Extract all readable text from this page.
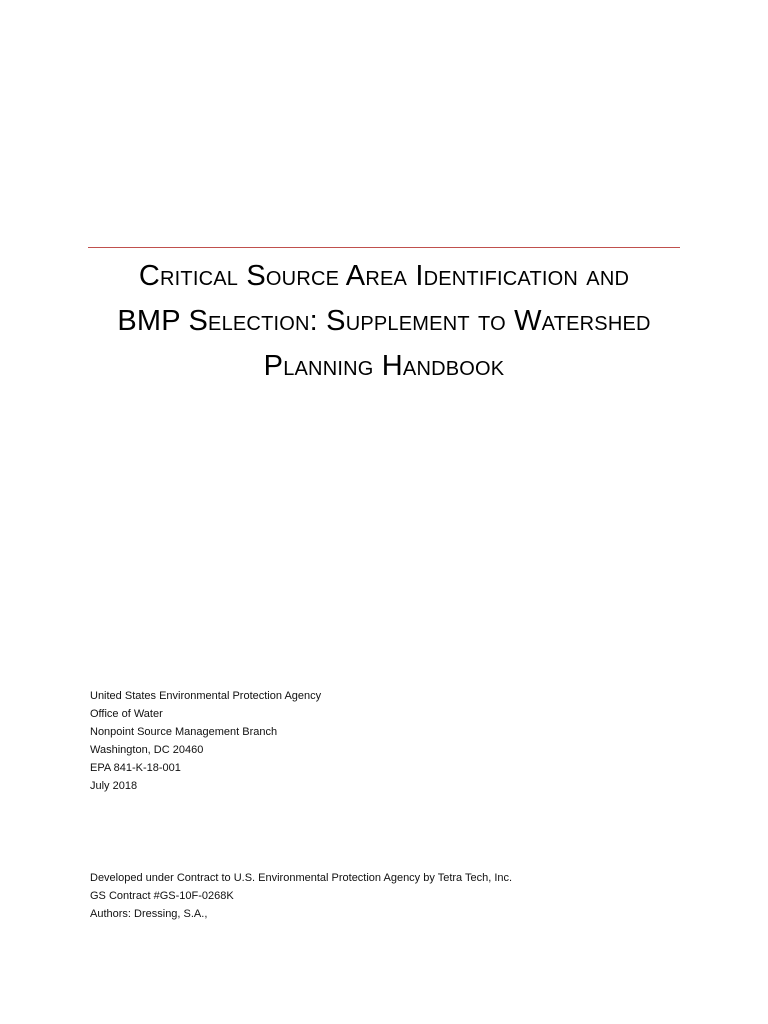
Critical Source Area Identification and
BMP Selection: Supplement to Watershed
Planning Handbook
United States Environmental Protection Agency
Office of Water
Nonpoint Source Management Branch
Washington, DC 20460
EPA 841-K-18-001
July 2018
Developed under Contract to U.S. Environmental Protection Agency by Tetra Tech, Inc.
GS Contract #GS-10F-0268K
Authors: Dressing, S.A.,
